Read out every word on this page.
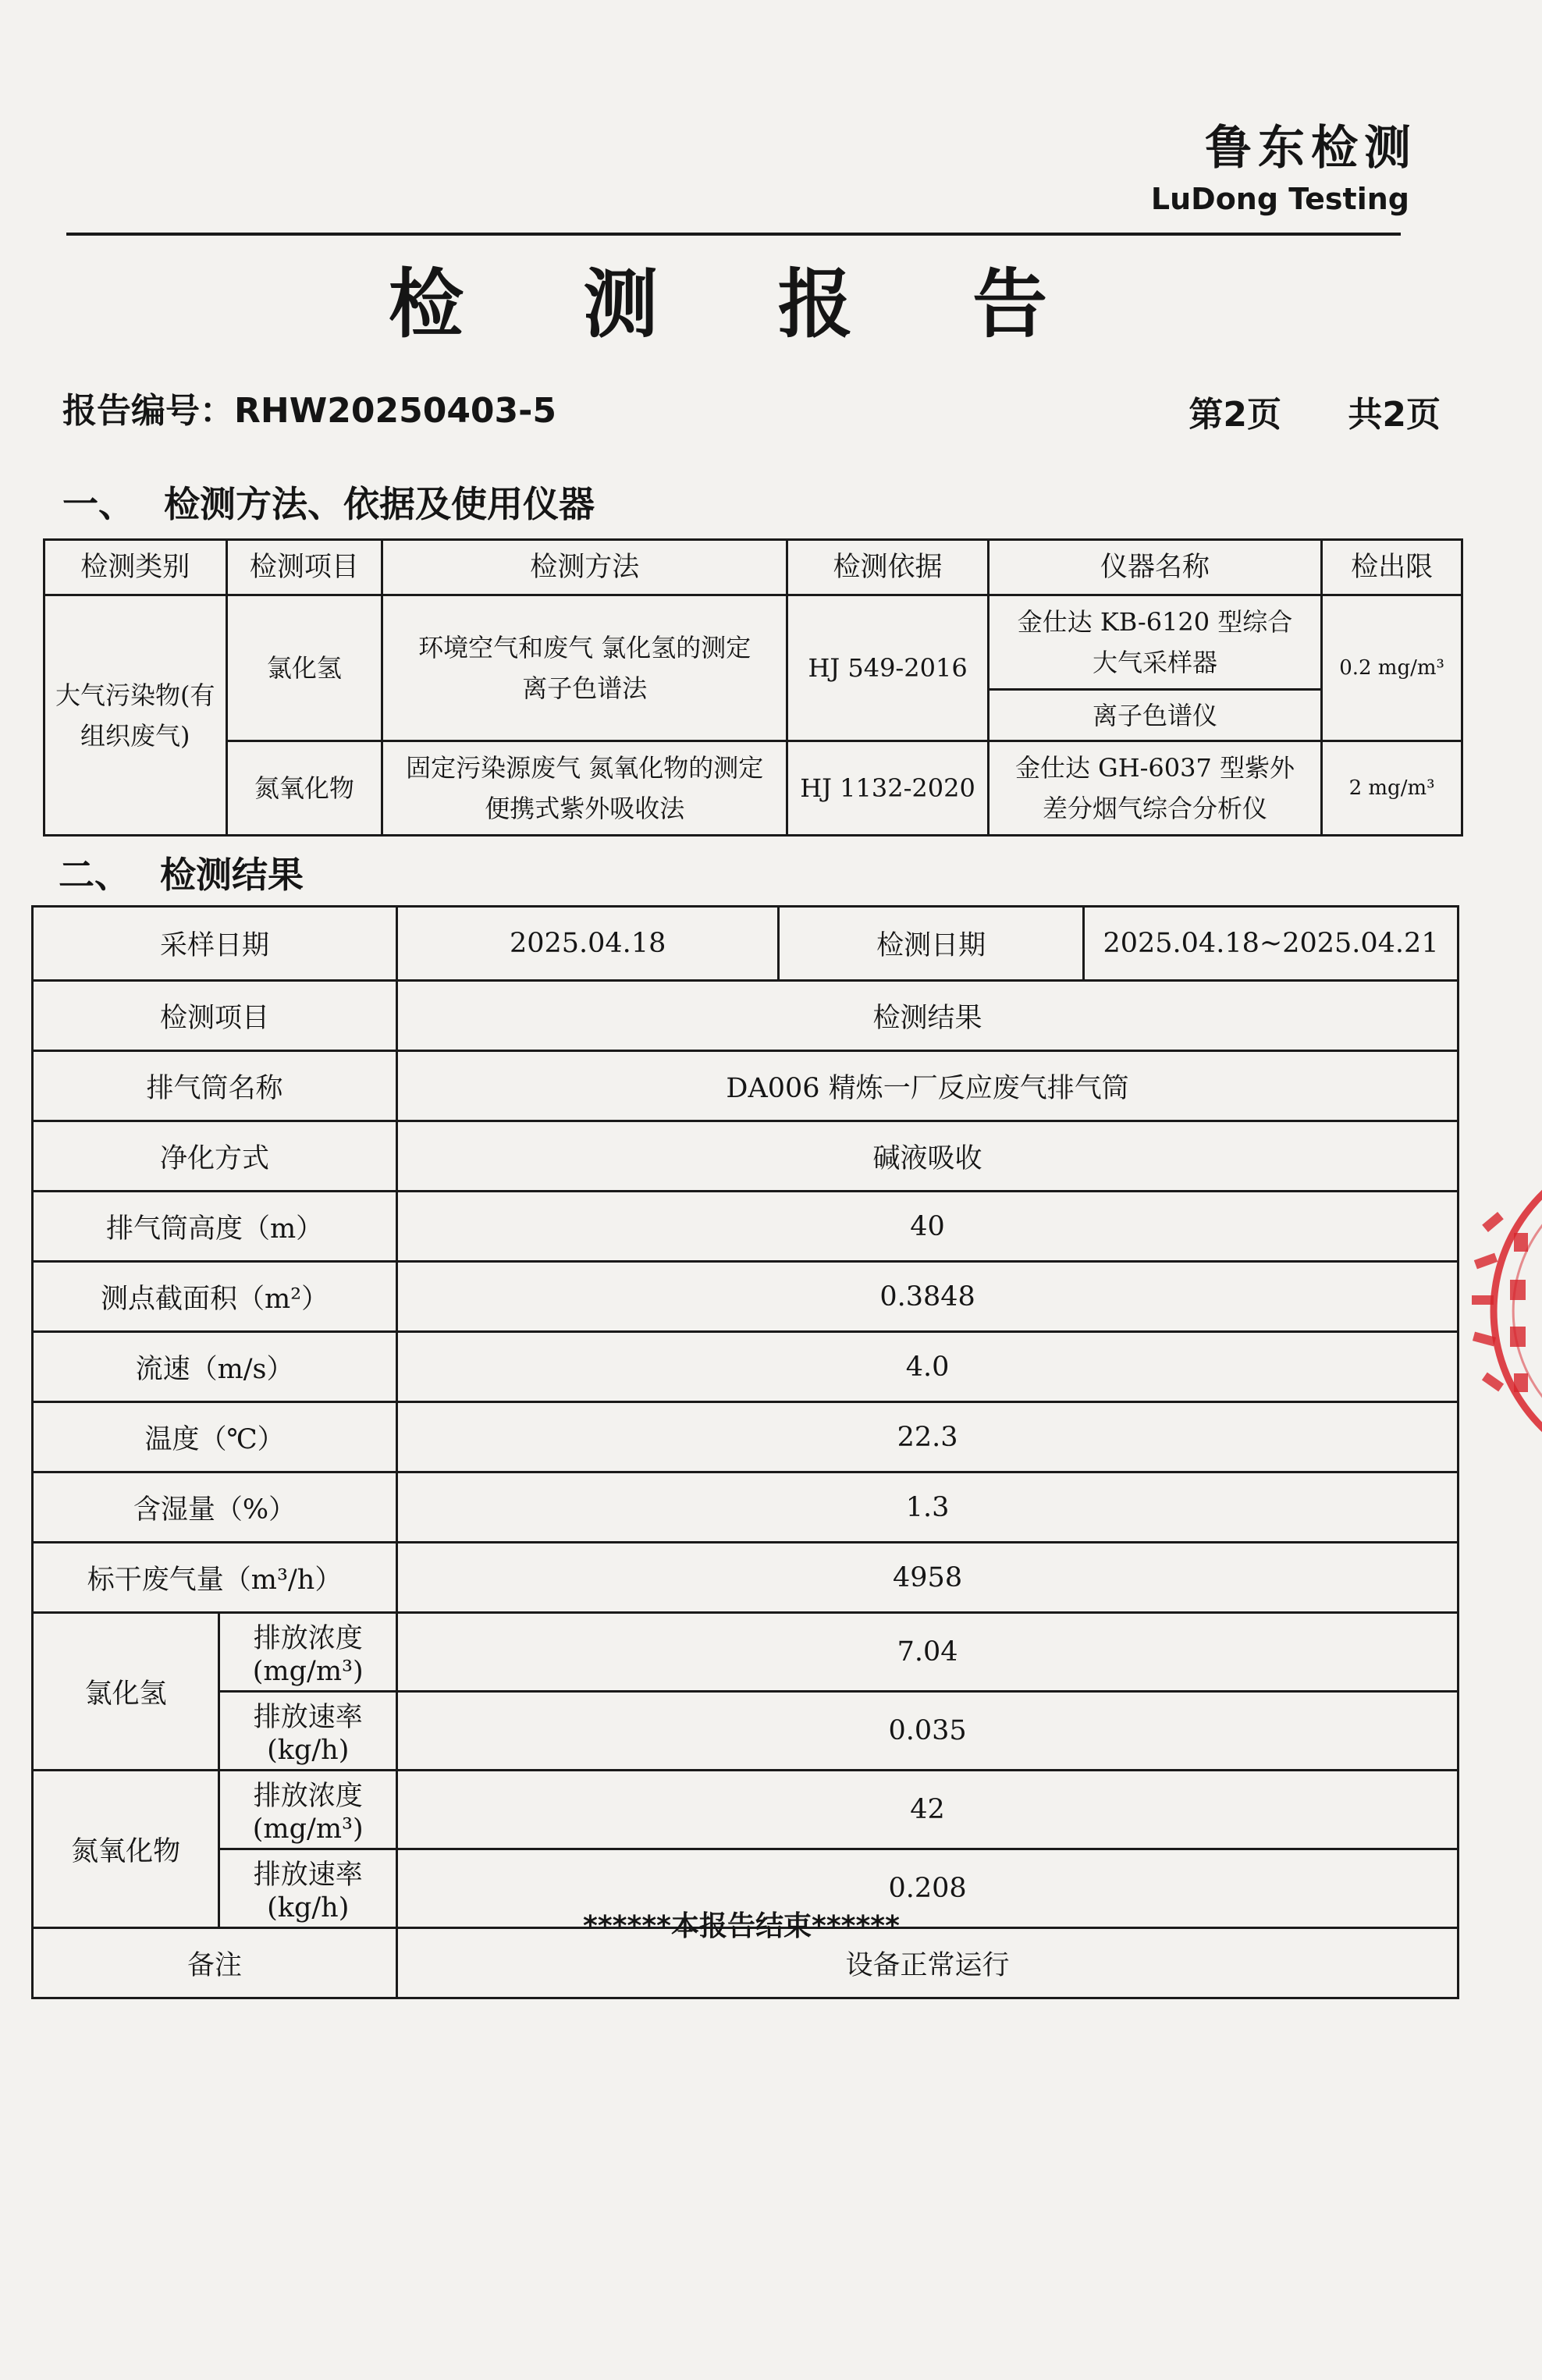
鲁东检测
LuDong Testing
检 测 报 告
报告编号：RHW20250403-5	第2页 共2页
一、 检测方法、依据及使用仪器
检测类别	检测项目	检测方法	检测依据	仪器名称	检出限
大气污染物(有组织废气)	氯化氢	环境空气和废气 氯化氢的测定离子色谱法	HJ 549-2016	金仕达 KB-6120 型综合大气采样器	0.2 mg/m³
				离子色谱仪	
	氮氧化物	固定污染源废气 氮氧化物的测定便携式紫外吸收法	HJ 1132-2020	金仕达 GH-6037 型紫外差分烟气综合分析仪	2 mg/m³
二、 检测结果
采样日期		2025.04.18	检测日期	2025.04.18~2025.04.21
检测项目		检测结果		
排气筒名称		DA006 精炼一厂反应废气排气筒		
净化方式		碱液吸收		
排气筒高度（m）		40		
测点截面积（m²）		0.3848		
流速（m/s）		4.0		
温度（℃）		22.3		
含湿量（%）		1.3		
标干废气量（m³/h）		4958		
氯化氢	排放浓度(mg/m³)	7.04		
	排放速率(kg/h)	0.035		
氮氧化物	排放浓度(mg/m³)	42		
	排放速率(kg/h)	0.208		
备注		设备正常运行		
******本报告结束******
